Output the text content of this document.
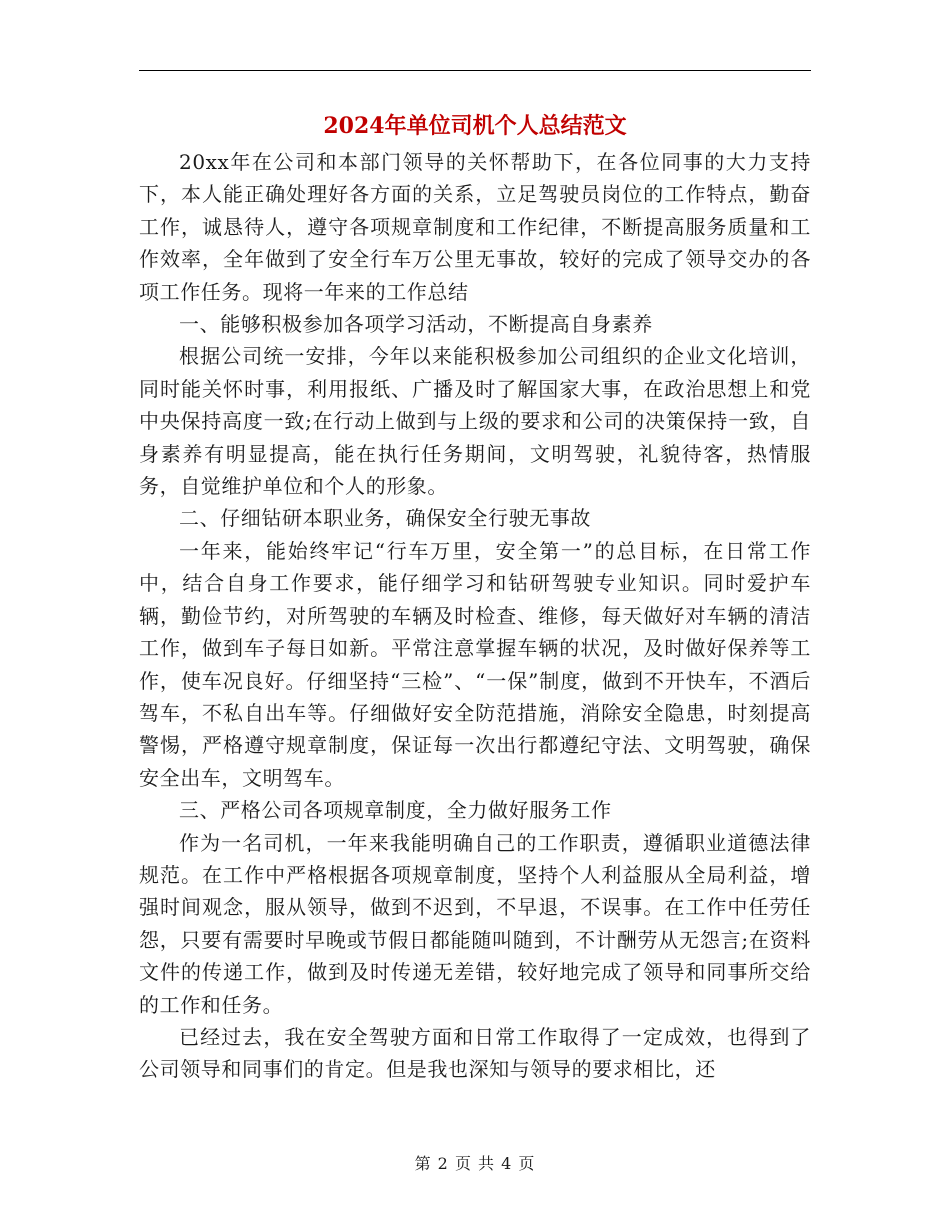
2024年单位司机个人总结范文

20xx年在公司和本部门领导的关怀帮助下，在各位同事的大力支持下，本人能正确处理好各方面的关系，立足驾驶员岗位的工作特点，勤奋工作，诚恳待人，遵守各项规章制度和工作纪律，不断提高服务质量和工作效率，全年做到了安全行车万公里无事故，较好的完成了领导交办的各项工作任务。现将一年来的工作总结

一、能够积极参加各项学习活动，不断提高自身素养

根据公司统一安排，今年以来能积极参加公司组织的企业文化培训，同时能关怀时事，利用报纸、广播及时了解国家大事，在政治思想上和党中央保持高度一致;在行动上做到与上级的要求和公司的决策保持一致，自身素养有明显提高，能在执行任务期间，文明驾驶，礼貌待客，热情服务，自觉维护单位和个人的形象。

二、仔细钻研本职业务，确保安全行驶无事故

一年来，能始终牢记“行车万里，安全第一”的总目标，在日常工作中，结合自身工作要求，能仔细学习和钻研驾驶专业知识。同时爱护车辆，勤俭节约，对所驾驶的车辆及时检查、维修，每天做好对车辆的清洁工作，做到车子每日如新。平常注意掌握车辆的状况，及时做好保养等工作，使车况良好。仔细坚持“三检”、“一保”制度，做到不开快车，不酒后驾车，不私自出车等。仔细做好安全防范措施，消除安全隐患，时刻提高警惕，严格遵守规章制度，保证每一次出行都遵纪守法、文明驾驶，确保安全出车，文明驾车。

三、严格公司各项规章制度，全力做好服务工作

作为一名司机，一年来我能明确自己的工作职责，遵循职业道德法律规范。在工作中严格根据各项规章制度，坚持个人利益服从全局利益，增强时间观念，服从领导，做到不迟到，不早退，不误事。在工作中任劳任怨，只要有需要时早晚或节假日都能随叫随到，不计酬劳从无怨言;在资料文件的传递工作，做到及时传递无差错，较好地完成了领导和同事所交给的工作和任务。

已经过去，我在安全驾驶方面和日常工作取得了一定成效，也得到了公司领导和同事们的肯定。但是我也深知与领导的要求相比，还

第 2 页 共 4 页
